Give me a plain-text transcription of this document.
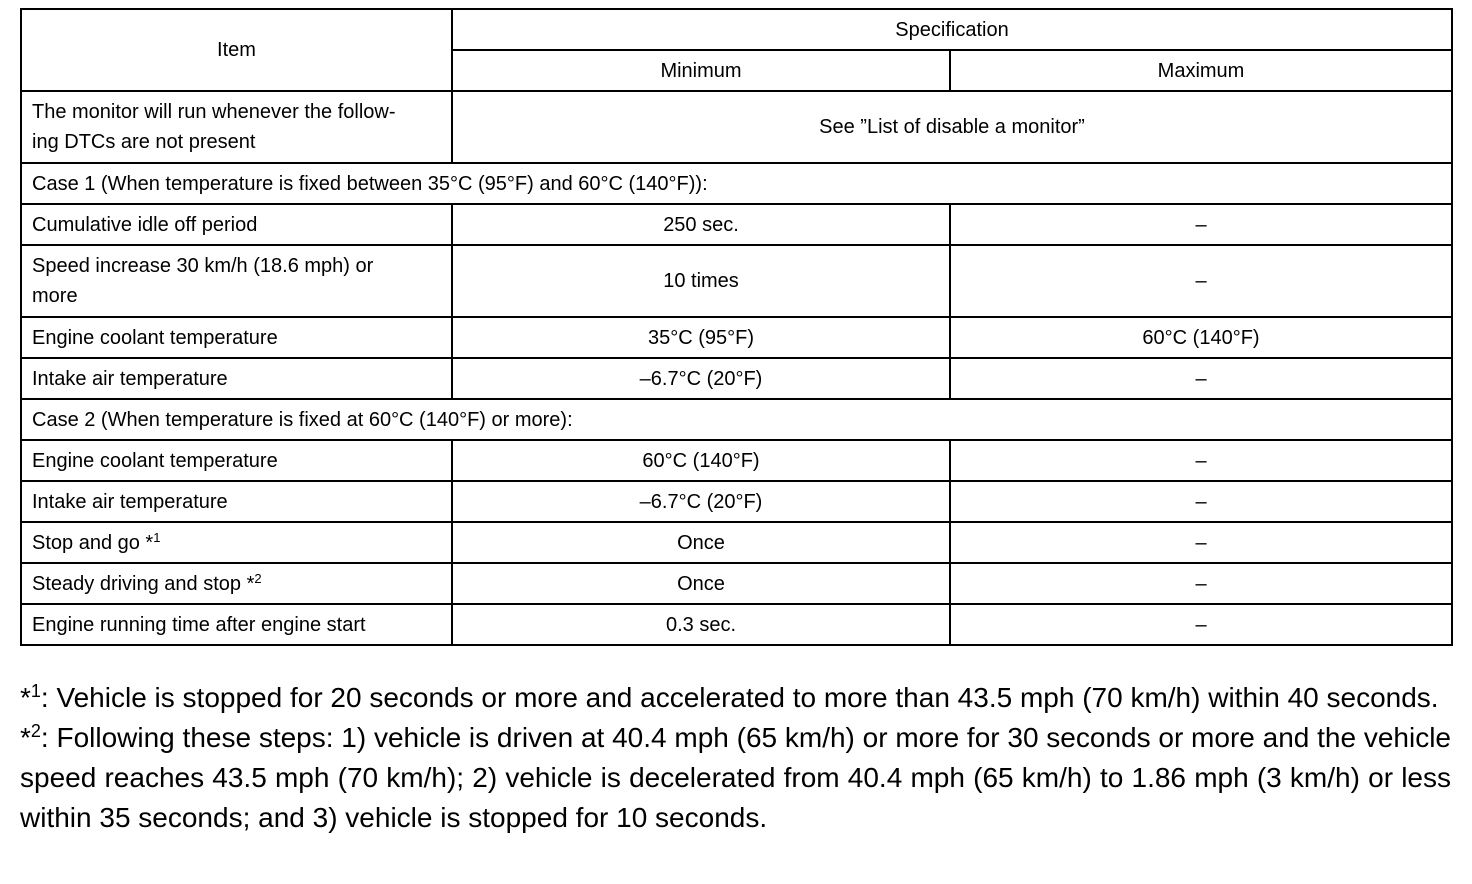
Item	Specification	
	Minimum	Maximum
The monitor will run whenever the follow-
ing DTCs are not present	See ”List of disable a monitor”	
Case 1 (When temperature is fixed between 35°C (95°F) and 60°C (140°F)):		
Cumulative idle off period	250 sec.	–
Speed increase 30 km/h (18.6 mph) or
more	10 times	–
Engine coolant temperature	35°C (95°F)	60°C (140°F)
Intake air temperature	–6.7°C (20°F)	–
Case 2 (When temperature is fixed at 60°C (140°F) or more):		
Engine coolant temperature	60°C (140°F)	–
Intake air temperature	–6.7°C (20°F)	–
Stop and go *$^1$	Once	–
Steady driving and stop *$^2$	Once	–
Engine running time after engine start	0.3 sec.	–

*$^1$: Vehicle is stopped for 20 seconds or more and accelerated to more than 43.5 mph (70 km/h) within 40 seconds.

*$^2$: Following these steps: 1) vehicle is driven at 40.4 mph (65 km/h) or more for 30 seconds or more and the vehicle speed reaches 43.5 mph (70 km/h); 2) vehicle is decelerated from 40.4 mph (65 km/h) to 1.86 mph (3 km/h) or less within 35 seconds; and 3) vehicle is stopped for 10 seconds.
